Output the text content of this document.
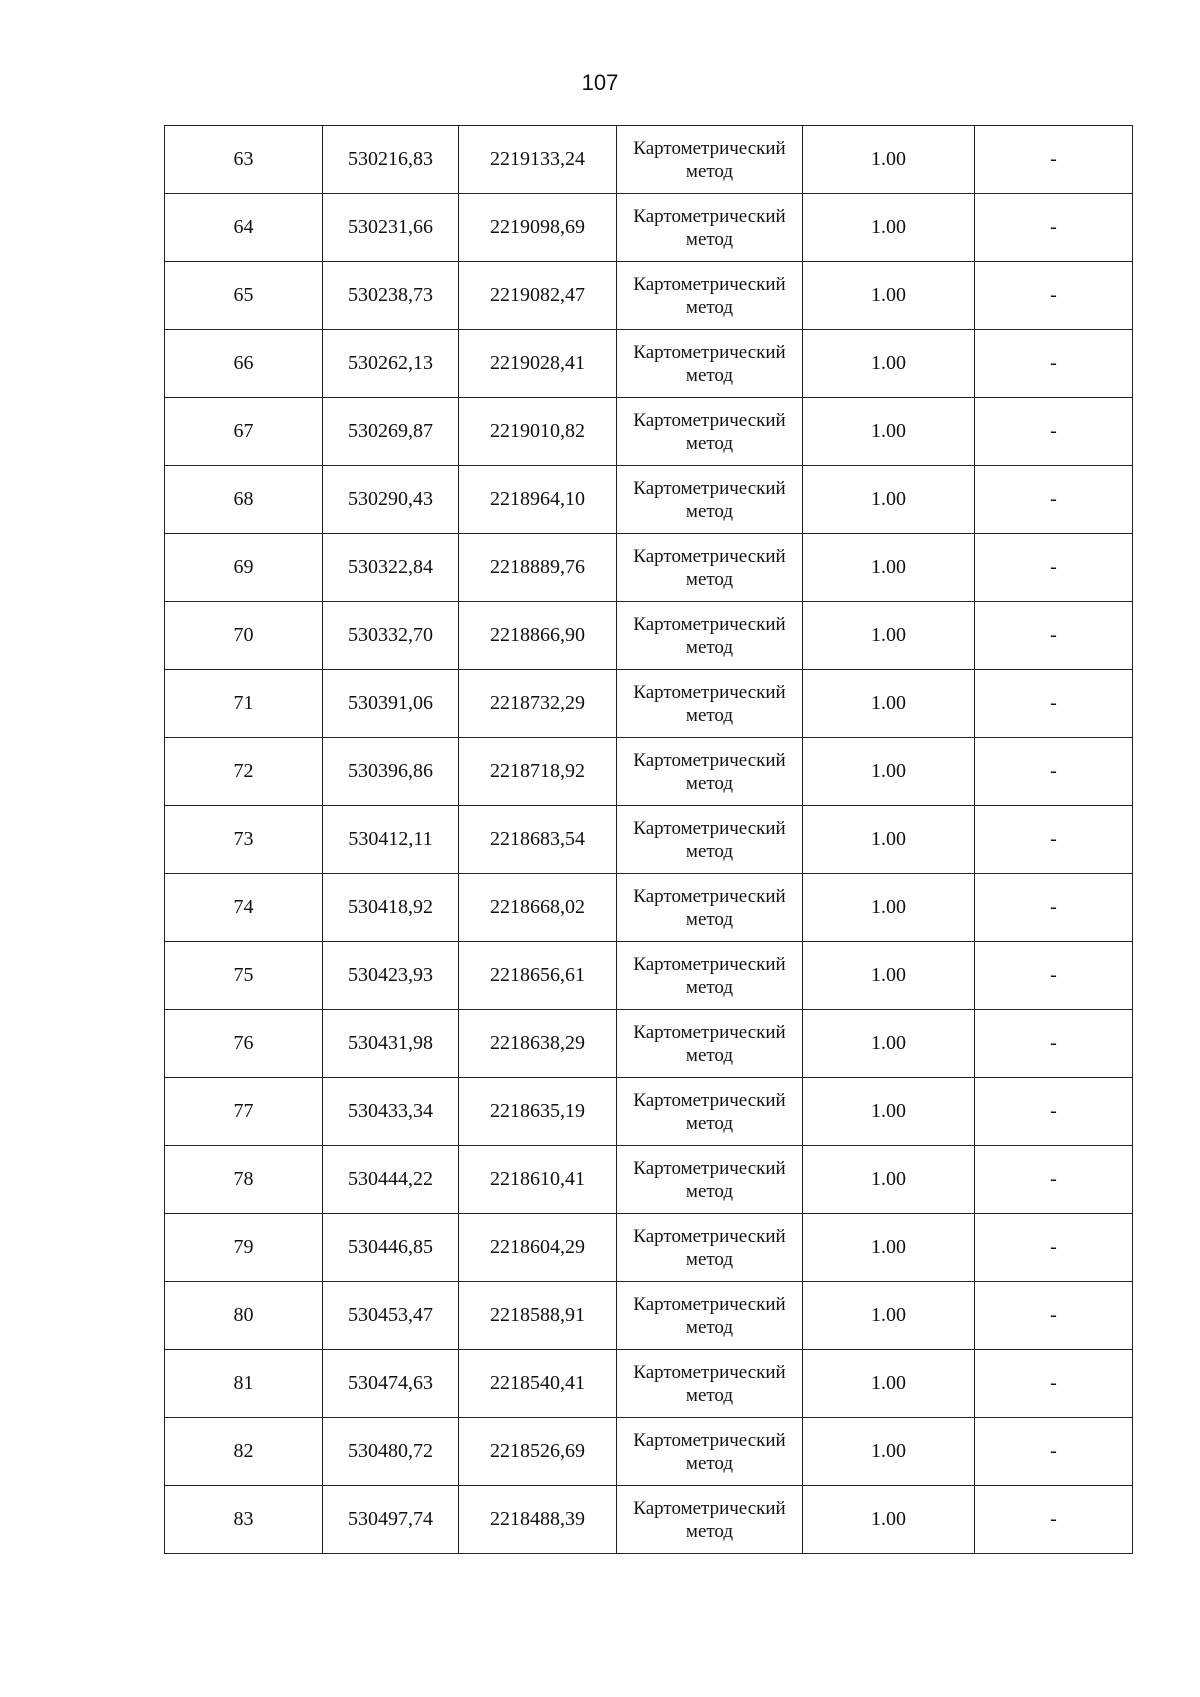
107
63	530216,83	2219133,24	Картометрический метод	1.00	-
64	530231,66	2219098,69	Картометрический метод	1.00	-
65	530238,73	2219082,47	Картометрический метод	1.00	-
66	530262,13	2219028,41	Картометрический метод	1.00	-
67	530269,87	2219010,82	Картометрический метод	1.00	-
68	530290,43	2218964,10	Картометрический метод	1.00	-
69	530322,84	2218889,76	Картометрический метод	1.00	-
70	530332,70	2218866,90	Картометрический метод	1.00	-
71	530391,06	2218732,29	Картометрический метод	1.00	-
72	530396,86	2218718,92	Картометрический метод	1.00	-
73	530412,11	2218683,54	Картометрический метод	1.00	-
74	530418,92	2218668,02	Картометрический метод	1.00	-
75	530423,93	2218656,61	Картометрический метод	1.00	-
76	530431,98	2218638,29	Картометрический метод	1.00	-
77	530433,34	2218635,19	Картометрический метод	1.00	-
78	530444,22	2218610,41	Картометрический метод	1.00	-
79	530446,85	2218604,29	Картометрический метод	1.00	-
80	530453,47	2218588,91	Картометрический метод	1.00	-
81	530474,63	2218540,41	Картометрический метод	1.00	-
82	530480,72	2218526,69	Картометрический метод	1.00	-
83	530497,74	2218488,39	Картометрический метод	1.00	-
